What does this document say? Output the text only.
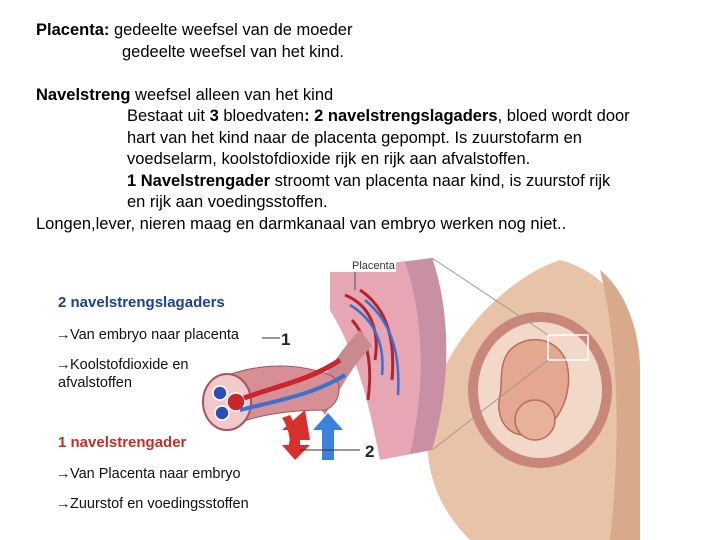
Placenta: gedeelte weefsel van de moeder
gedeelte weefsel van het kind.
Navelstreng weefsel alleen van het kind
Bestaat uit 3 bloedvaten: 2 navelstrengslagaders, bloed wordt door
hart van het kind naar de placenta gepompt. Is zuurstofarm en
voedselarm, koolstofdioxide rijk en rijk aan afvalstoffen.
1 Navelstrengader stroomt van placenta naar kind, is zuurstof rijk
en rijk aan voedingsstoffen.
Longen,lever, nieren maag en darmkanaal van embryo werken nog niet..
Placenta
1
2
2 navelstrengslagaders
→Van embryo naar placenta
→Koolstofdioxide en
afvalstoffen
1 navelstrengader
→Van Placenta naar embryo
→Zuurstof en voedingsstoffen
